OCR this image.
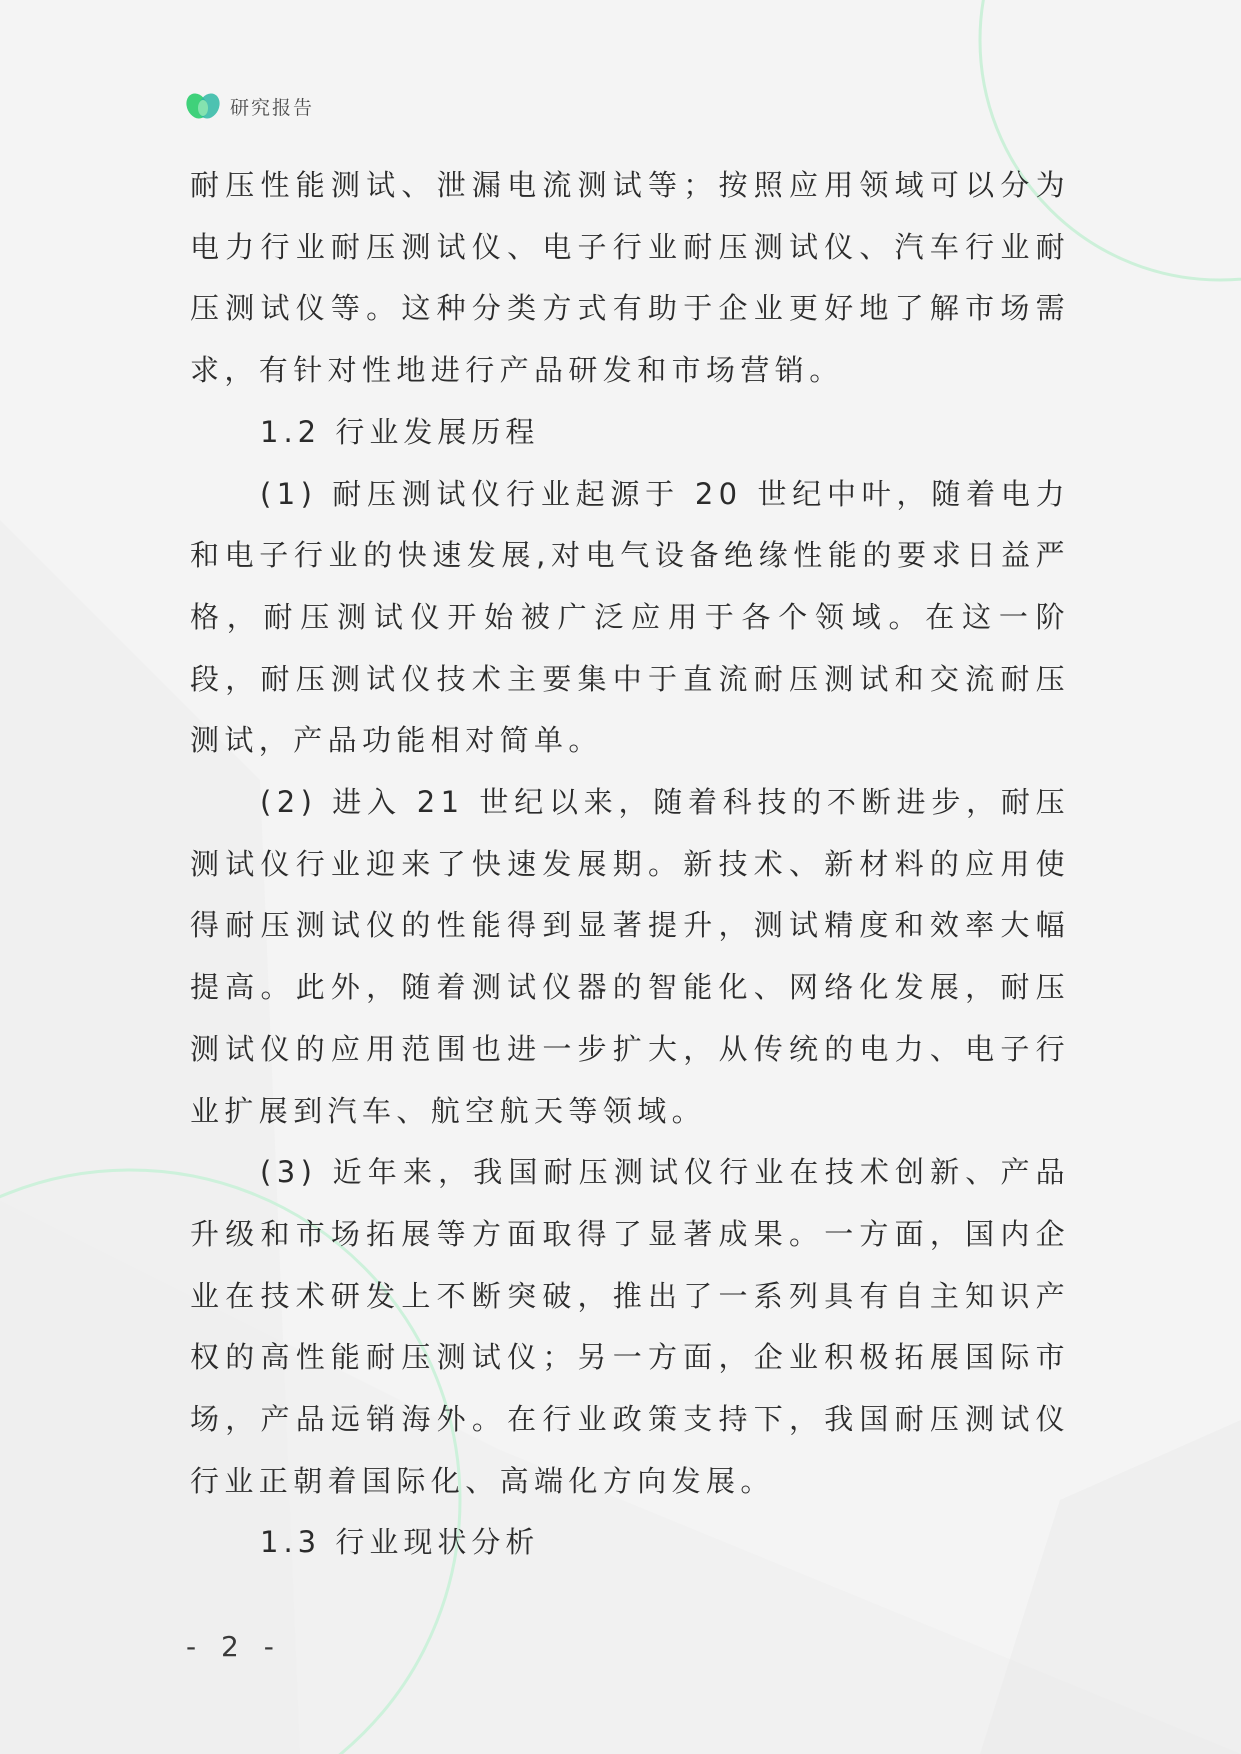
研究报告

耐压性能测试、泄漏电流测试等；按照应用领域可以分为电力行业耐压测试仪、电子行业耐压测试仪、汽车行业耐压测试仪等。这种分类方式有助于企业更好地了解市场需求，有针对性地进行产品研发和市场营销。

1.2 行业发展历程

(1) 耐压测试仪行业起源于 20 世纪中叶，随着电力和电子行业的快速发展,对电气设备绝缘性能的要求日益严格，耐压测试仪开始被广泛应用于各个领域。在这一阶段，耐压测试仪技术主要集中于直流耐压测试和交流耐压测试，产品功能相对简单。

(2) 进入 21 世纪以来，随着科技的不断进步，耐压测试仪行业迎来了快速发展期。新技术、新材料的应用使得耐压测试仪的性能得到显著提升，测试精度和效率大幅提高。此外，随着测试仪器的智能化、网络化发展，耐压测试仪的应用范围也进一步扩大，从传统的电力、电子行业扩展到汽车、航空航天等领域。

(3) 近年来，我国耐压测试仪行业在技术创新、产品升级和市场拓展等方面取得了显著成果。一方面，国内企业在技术研发上不断突破，推出了一系列具有自主知识产权的高性能耐压测试仪；另一方面，企业积极拓展国际市场，产品远销海外。在行业政策支持下，我国耐压测试仪行业正朝着国际化、高端化方向发展。

1.3 行业现状分析

- 2 -
